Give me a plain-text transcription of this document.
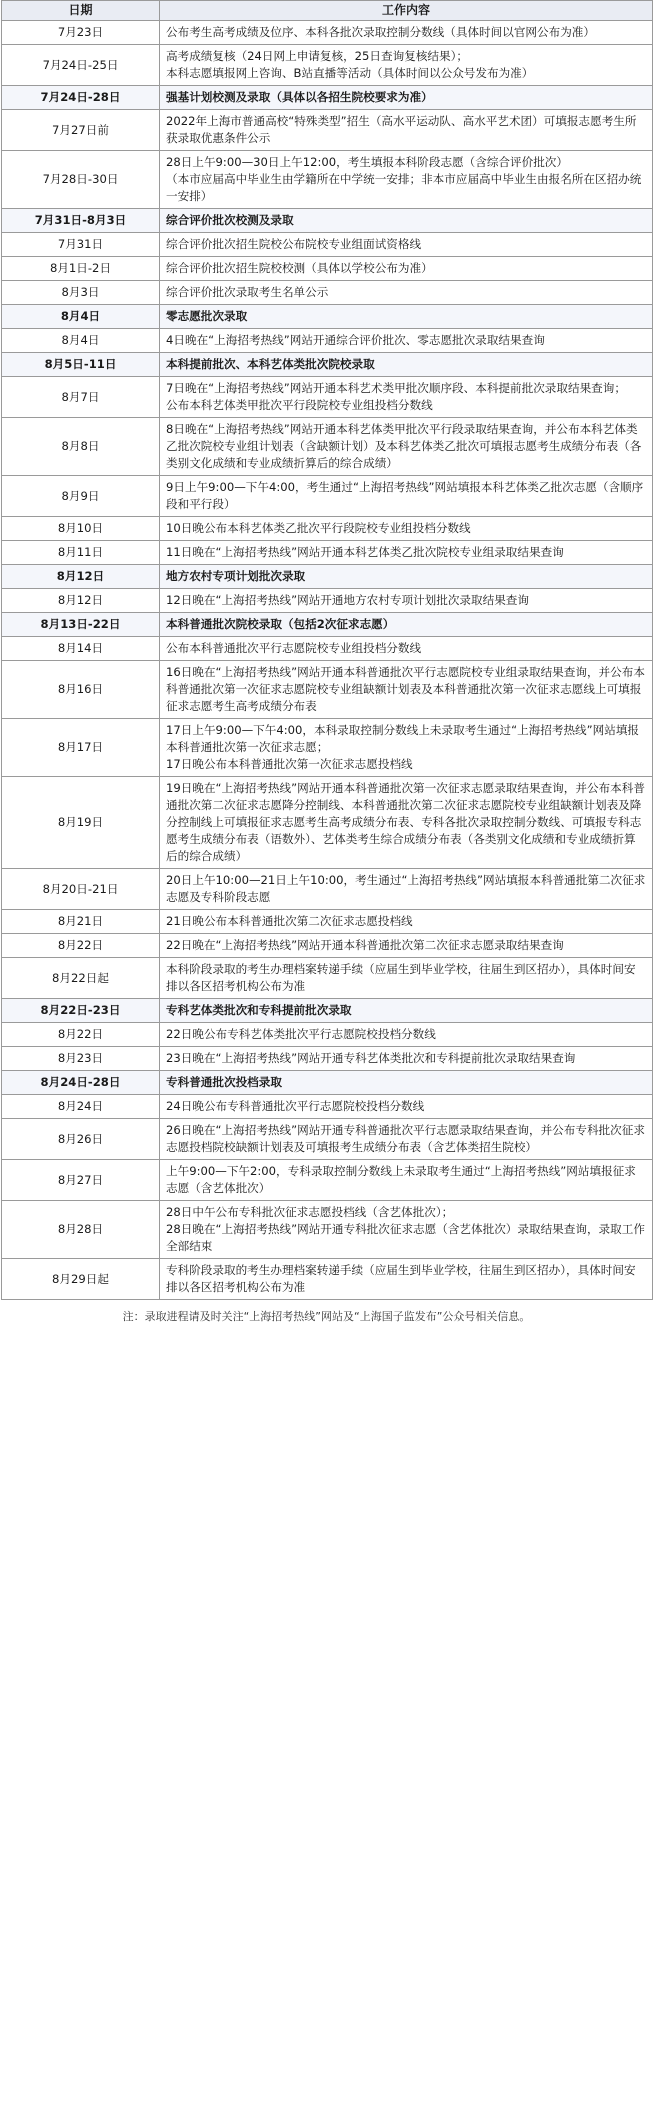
日期	工作内容
7月23日	公布考生高考成绩及位序、本科各批次录取控制分数线（具体时间以官网公布为准）
7月24日-25日	高考成绩复核（24日网上申请复核，25日查询复核结果）；
本科志愿填报网上咨询、B站直播等活动（具体时间以公众号发布为准）
7月24日-28日	强基计划校测及录取（具体以各招生院校要求为准）
7月27日前	2022年上海市普通高校“特殊类型”招生（高水平运动队、高水平艺术团）可填报志愿考生所获录取优惠条件公示
7月28日-30日	28日上午9:00—30日上午12:00，考生填报本科阶段志愿（含综合评价批次）
（本市应届高中毕业生由学籍所在中学统一安排；非本市应届高中毕业生由报名所在区招办统一安排）
7月31日-8月3日	综合评价批次校测及录取
7月31日	综合评价批次招生院校公布院校专业组面试资格线
8月1日-2日	综合评价批次招生院校校测（具体以学校公布为准）
8月3日	综合评价批次录取考生名单公示
8月4日	零志愿批次录取
8月4日	4日晚在“上海招考热线”网站开通综合评价批次、零志愿批次录取结果查询
8月5日-11日	本科提前批次、本科艺体类批次院校录取
8月7日	7日晚在“上海招考热线”网站开通本科艺术类甲批次顺序段、本科提前批次录取结果查询；
公布本科艺体类甲批次平行段院校专业组投档分数线
8月8日	8日晚在“上海招考热线”网站开通本科艺体类甲批次平行段录取结果查询，并公布本科艺体类乙批次院校专业组计划表（含缺额计划）及本科艺体类乙批次可填报志愿考生成绩分布表（各类别文化成绩和专业成绩折算后的综合成绩）
8月9日	9日上午9:00—下午4:00，考生通过“上海招考热线”网站填报本科艺体类乙批次志愿（含顺序段和平行段）
8月10日	10日晚公布本科艺体类乙批次平行段院校专业组投档分数线
8月11日	11日晚在“上海招考热线”网站开通本科艺体类乙批次院校专业组录取结果查询
8月12日	地方农村专项计划批次录取
8月12日	12日晚在“上海招考热线”网站开通地方农村专项计划批次录取结果查询
8月13日-22日	本科普通批次院校录取（包括2次征求志愿）
8月14日	公布本科普通批次平行志愿院校专业组投档分数线
8月16日	16日晚在“上海招考热线”网站开通本科普通批次平行志愿院校专业组录取结果查询，并公布本科普通批次第一次征求志愿院校专业组缺额计划表及本科普通批次第一次征求志愿线上可填报征求志愿考生高考成绩分布表
8月17日	17日上午9:00—下午4:00，本科录取控制分数线上未录取考生通过“上海招考热线”网站填报本科普通批次第一次征求志愿；
17日晚公布本科普通批次第一次征求志愿投档线
8月19日	19日晚在“上海招考热线”网站开通本科普通批次第一次征求志愿录取结果查询，并公布本科普通批次第二次征求志愿降分控制线、本科普通批次第二次征求志愿院校专业组缺额计划表及降分控制线上可填报征求志愿考生高考成绩分布表、专科各批次录取控制分数线、可填报专科志愿考生成绩分布表（语数外）、艺体类考生综合成绩分布表（各类别文化成绩和专业成绩折算后的综合成绩）
8月20日-21日	20日上午10:00—21日上午10:00，考生通过“上海招考热线”网站填报本科普通批第二次征求志愿及专科阶段志愿
8月21日	21日晚公布本科普通批次第二次征求志愿投档线
8月22日	22日晚在“上海招考热线”网站开通本科普通批次第二次征求志愿录取结果查询
8月22日起	本科阶段录取的考生办理档案转递手续（应届生到毕业学校，往届生到区招办），具体时间安排以各区招考机构公布为准
8月22日-23日	专科艺体类批次和专科提前批次录取
8月22日	22日晚公布专科艺体类批次平行志愿院校投档分数线
8月23日	23日晚在“上海招考热线”网站开通专科艺体类批次和专科提前批次录取结果查询
8月24日-28日	专科普通批次投档录取
8月24日	24日晚公布专科普通批次平行志愿院校投档分数线
8月26日	26日晚在“上海招考热线”网站开通专科普通批次平行志愿录取结果查询，并公布专科批次征求志愿投档院校缺额计划表及可填报考生成绩分布表（含艺体类招生院校）
8月27日	上午9:00—下午2:00，专科录取控制分数线上未录取考生通过“上海招考热线”网站填报征求志愿（含艺体批次）
8月28日	28日中午公布专科批次征求志愿投档线（含艺体批次）；
28日晚在“上海招考热线”网站开通专科批次征求志愿（含艺体批次）录取结果查询，录取工作全部结束
8月29日起	专科阶段录取的考生办理档案转递手续（应届生到毕业学校，往届生到区招办），具体时间安排以各区招考机构公布为准
注：录取进程请及时关注“上海招考热线”网站及“上海国子监发布”公众号相关信息。
